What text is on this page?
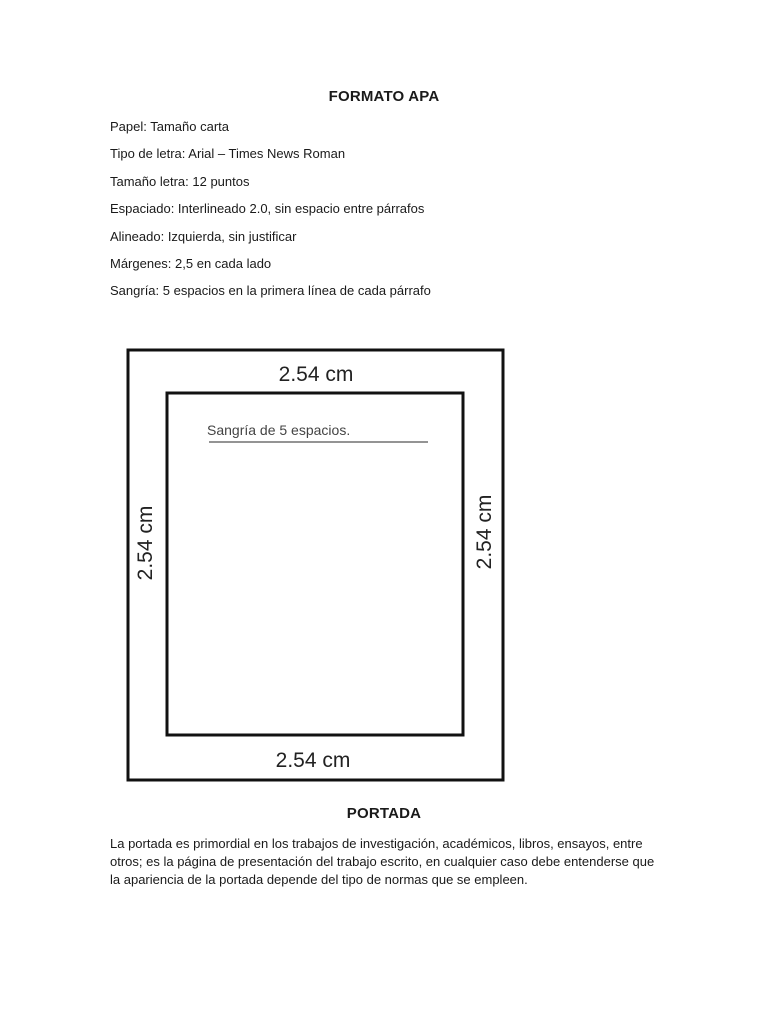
FORMATO APA
Papel: Tamaño carta
Tipo de letra: Arial – Times News Roman
Tamaño letra: 12 puntos
Espaciado: Interlineado 2.0, sin espacio entre párrafos
Alineado: Izquierda, sin justificar
Márgenes: 2,5 en cada lado
Sangría: 5 espacios en la primera línea de cada párrafo
2.54 cm
2.54 cm
2.54 cm	2.54 cm
Sangría de 5 espacios.
PORTADA
La portada es primordial en los trabajos de investigación, académicos, libros, ensayos, entre
otros; es la página de presentación del trabajo escrito, en cualquier caso debe entenderse que
la apariencia de la portada depende del tipo de normas que se empleen.
